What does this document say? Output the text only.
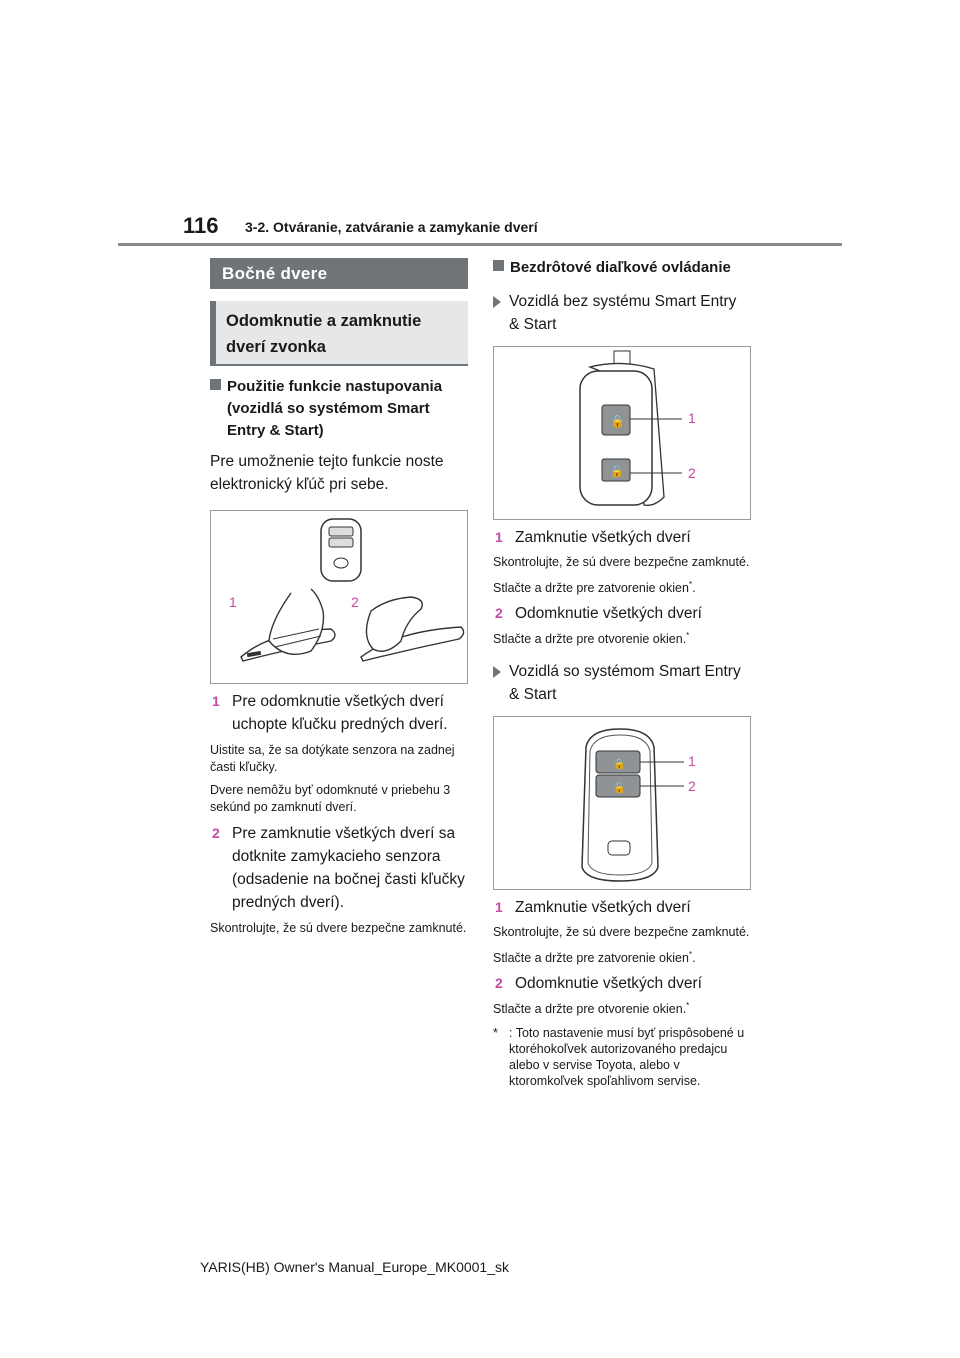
116 3-2. Otváranie, zatváranie a zamykanie dverí
Bočné dvere
Odomknutie a zamknutie
dverí zvonka
Použitie funkcie nastupovania
(vozidlá so systémom Smart
Entry & Start)
Pre umožnenie tejto funkcie noste elektronický kľúč pri sebe.
1	2
1 Pre odomknutie všetkých dverí uchopte kľučku predných dverí.

Uistite sa, že sa dotýkate senzora na zadnej časti kľučky.

Dvere nemôžu byť odomknuté v priebehu 3 sekúnd po zamknutí dverí.

2 Pre zamknutie všetkých dverí sa dotknite zamykacieho senzora (odsadenie na bočnej časti kľučky predných dverí).

Skontrolujte, že sú dvere bezpečne zamknuté.

Bezdrôtové diaľkové ovládanie
Vozidlá bez systému Smart Entry
& Start
🔒
🔓
1
2
1 Zamknutie všetkých dverí

Skontrolujte, že sú dvere bezpečne zamknuté.

Stlačte a držte pre zatvorenie okien*.

2 Odomknutie všetkých dverí

Stlačte a držte pre otvorenie okien.*

Vozidlá so systémom Smart Entry
& Start
🔒
🔓
1
2
1 Zamknutie všetkých dverí

Skontrolujte, že sú dvere bezpečne zamknuté.

Stlačte a držte pre zatvorenie okien*.

2 Odomknutie všetkých dverí

Stlačte a držte pre otvorenie okien.*

* : Toto nastavenie musí byť prispôsobené u ktoréhokoľvek autorizovaného predajcu alebo v servise Toyota, alebo v ktoromkoľvek spoľahlivom servise.
YARIS(HB) Owner's Manual_Europe_MK0001_sk
